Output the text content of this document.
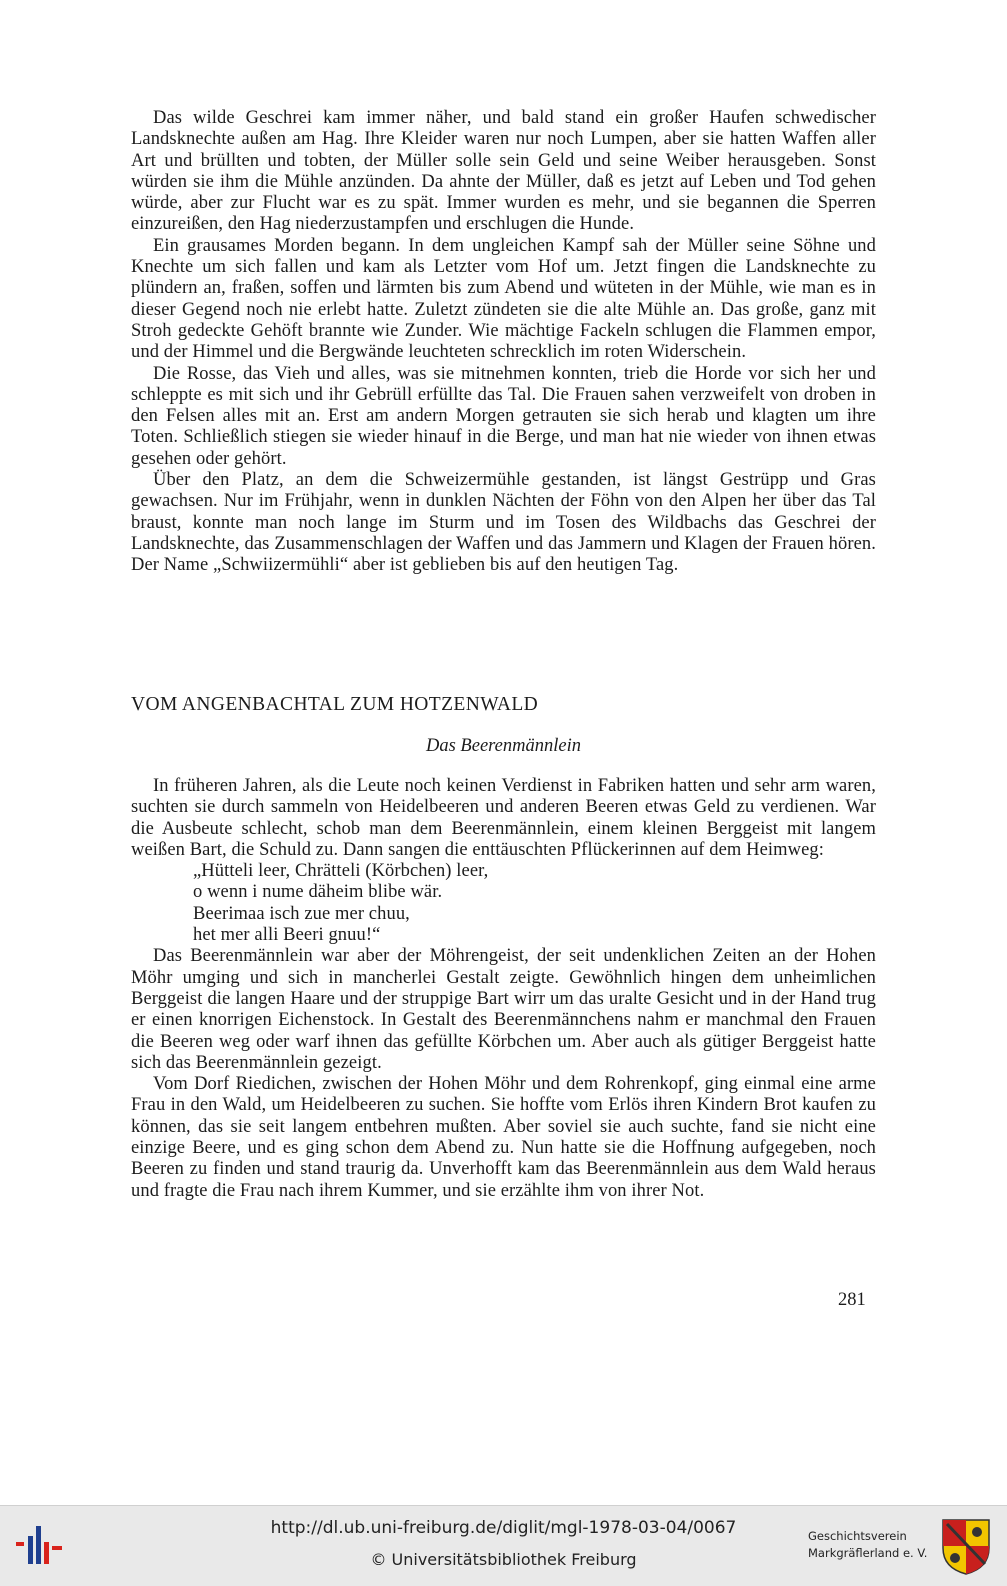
Das wilde Geschrei kam immer näher, und bald stand ein großer Haufen schwedischer Landsknechte außen am Hag. Ihre Kleider waren nur noch Lumpen, aber sie hatten Waffen aller Art und brüllten und tobten, der Müller solle sein Geld und seine Weiber herausgeben. Sonst würden sie ihm die Mühle anzünden. Da ahnte der Müller, daß es jetzt auf Leben und Tod gehen würde, aber zur Flucht war es zu spät. Immer wurden es mehr, und sie begannen die Sperren einzureißen, den Hag niederzustampfen und erschlugen die Hunde.

Ein grausames Morden begann. In dem ungleichen Kampf sah der Müller seine Söhne und Knechte um sich fallen und kam als Letzter vom Hof um. Jetzt fingen die Landsknechte zu plündern an, fraßen, soffen und lärmten bis zum Abend und wüteten in der Mühle, wie man es in dieser Gegend noch nie erlebt hatte. Zuletzt zündeten sie die alte Mühle an. Das große, ganz mit Stroh gedeckte Gehöft brannte wie Zunder. Wie mächtige Fackeln schlugen die Flammen empor, und der Himmel und die Bergwände leuchteten schrecklich im roten Widerschein.

Die Rosse, das Vieh und alles, was sie mitnehmen konnten, trieb die Horde vor sich her und schleppte es mit sich und ihr Gebrüll erfüllte das Tal. Die Frauen sahen verzweifelt von droben in den Felsen alles mit an. Erst am andern Morgen getrauten sie sich herab und klagten um ihre Toten. Schließlich stiegen sie wieder hinauf in die Berge, und man hat nie wieder von ihnen etwas gesehen oder gehört.

Über den Platz, an dem die Schweizermühle gestanden, ist längst Gestrüpp und Gras gewachsen. Nur im Frühjahr, wenn in dunklen Nächten der Föhn von den Alpen her über das Tal braust, konnte man noch lange im Sturm und im Tosen des Wildbachs das Geschrei der Landsknechte, das Zusammenschlagen der Waffen und das Jammern und Klagen der Frauen hören. Der Name „Schwiizermühli“ aber ist geblieben bis auf den heutigen Tag.

VOM ANGENBACHTAL ZUM HOTZENWALD

Das Beerenmännlein

In früheren Jahren, als die Leute noch keinen Verdienst in Fabriken hatten und sehr arm waren, suchten sie durch sammeln von Heidelbeeren und anderen Beeren etwas Geld zu verdienen. War die Ausbeute schlecht, schob man dem Beerenmännlein, einem kleinen Berggeist mit langem weißen Bart, die Schuld zu. Dann sangen die enttäuschten Pflückerinnen auf dem Heimweg:

„Hütteli leer, Chrätteli (Körbchen) leer,
o wenn i nume däheim blibe wär.
Beerimaa isch zue mer chuu,
het mer alli Beeri gnuu!“

Das Beerenmännlein war aber der Möhrengeist, der seit undenklichen Zeiten an der Hohen Möhr umging und sich in mancherlei Gestalt zeigte. Gewöhnlich hingen dem unheimlichen Berggeist die langen Haare und der struppige Bart wirr um das uralte Gesicht und in der Hand trug er einen knorrigen Eichenstock. In Gestalt des Beerenmännchens nahm er manchmal den Frauen die Beeren weg oder warf ihnen das gefüllte Körbchen um. Aber auch als gütiger Berggeist hatte sich das Beerenmännlein gezeigt.

Vom Dorf Riedichen, zwischen der Hohen Möhr und dem Rohrenkopf, ging einmal eine arme Frau in den Wald, um Heidelbeeren zu suchen. Sie hoffte vom Erlös ihren Kindern Brot kaufen zu können, das sie seit langem entbehren mußten. Aber soviel sie auch suchte, fand sie nicht eine einzige Beere, und es ging schon dem Abend zu. Nun hatte sie die Hoffnung aufgegeben, noch Beeren zu finden und stand traurig da. Unverhofft kam das Beerenmännlein aus dem Wald heraus und fragte die Frau nach ihrem Kummer, und sie erzählte ihm von ihrer Not.

281
http://dl.ub.uni-freiburg.de/diglit/mgl-1978-03-04/0067
© Universitätsbibliothek Freiburg
Geschichtsverein
Markgräflerland e. V.
